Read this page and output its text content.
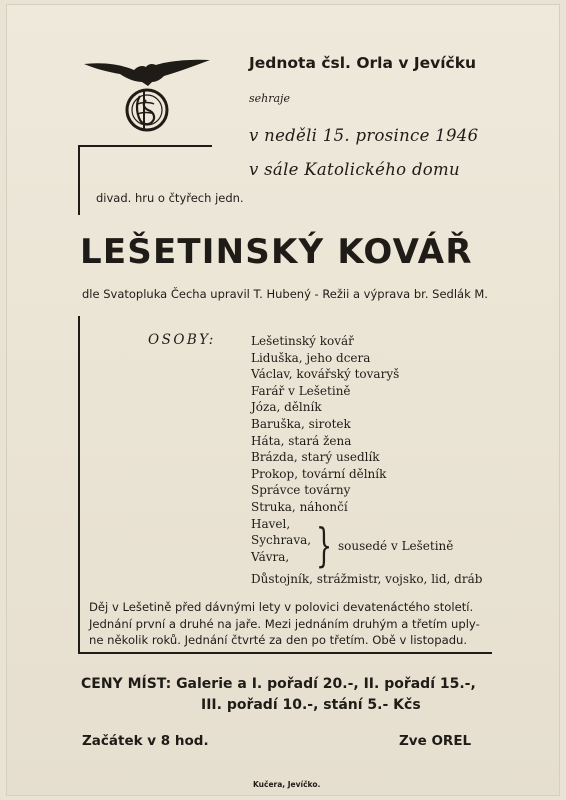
Jednota čsl. Orla v Jevíčku
sehraje
v neděli 15. prosince 1946
v sále Katolického domu
divad. hru o čtyřech jedn.
LEŠETINSKÝ KOVÁŘ
dle Svatopluka Čecha upravil T. Hubený - Režii a výprava br. Sedlák M.
OSOBY:	Lešetinský kovář
Liduška, jeho dcera
Václav, kovářský tovaryš
Farář v Lešetině
Józa, dělník
Baruška, sirotek
Háta, stará žena
Brázda, starý usedlík
Prokop, tovární dělník
Správce továrny
Struka, náhončí
Havel,
Sychrava,
Vávra, } sousedé v Lešetině
Důstojník, strážmistr, vojsko, lid, dráb
Děj v Lešetině před dávnými lety v polovici devatenáctého století.
Jednání první a druhé na jaře. Mezi jednáním druhým a třetím uply-
ne několik roků. Jednání čtvrté za den po třetím. Obě v listopadu.
CENY MÍST: Galerie a I. pořadí 20.-, II. pořadí 15.-,
III. pořadí 10.-, stání 5.- Kčs
Začátek v 8 hod.	Zve OREL
Kučera, Jevíčko.
